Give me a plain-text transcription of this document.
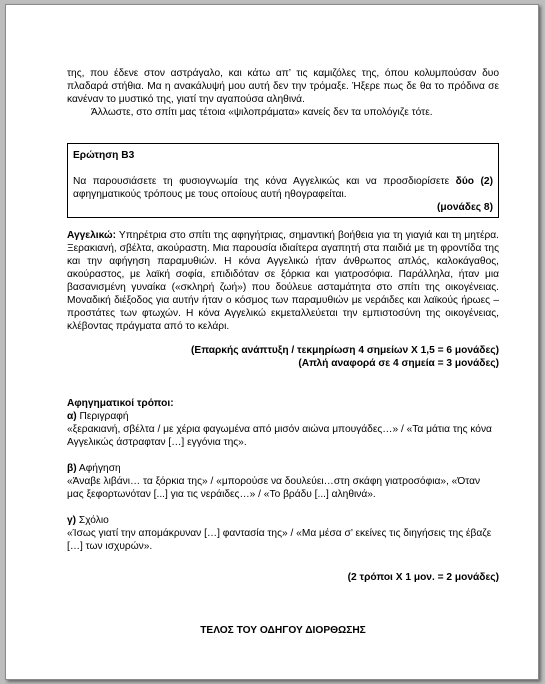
της, που έδενε στον αστράγαλο, και κάτω απ’ τις καμιζόλες της, όπου κολυμπούσαν δυο πλαδαρά στήθια. Μα η ανακάλυψή μου αυτή δεν την τρόμαξε. Ήξερε πως δε θα το πρόδινα σε κανέναν το μυστικό της, γιατί την αγαπούσα αληθινά.

Άλλωστε, στο σπίτι μας τέτοια «ψιλοπράματα» κανείς δεν τα υπολόγιζε τότε.

Ερώτηση Β3

Να παρουσιάσετε τη φυσιογνωμία της κόνα Αγγελικώς και να προσδιορίσετε δύο (2) αφηγηματικούς τρόπους με τους οποίους αυτή ηθογραφείται.

(μονάδες 8)

Αγγελικώ: Υπηρέτρια στο σπίτι της αφηγήτριας, σημαντική βοήθεια για τη γιαγιά και τη μητέρα. Ξερακιανή, σβέλτα, ακούραστη. Μια παρουσία ιδιαίτερα αγαπητή στα παιδιά με τη φροντίδα της και την αφήγηση παραμυθιών. Η κόνα Αγγελικώ ήταν άνθρωπος απλός, καλοκάγαθος, ακούραστος, με λαϊκή σοφία, επιδιδόταν σε ξόρκια και γιατροσόφια. Παράλληλα, ήταν μια βασανισμένη γυναίκα («σκληρή ζωή») που δούλευε ασταμάτητα στο σπίτι της οικογένειας. Μοναδική διέξοδος για αυτήν ήταν ο κόσμος των παραμυθιών με νεράιδες και λαϊκούς ήρωες – προστάτες των φτωχών. Η κόνα Αγγελικώ εκμεταλλεύεται την εμπιστοσύνη της οικογένειας, κλέβοντας πράγματα από το κελάρι.

(Επαρκής ανάπτυξη / τεκμηρίωση 4 σημείων Χ 1,5 = 6 μονάδες)

(Απλή αναφορά σε 4 σημεία = 3 μονάδες)

Αφηγηματικοί τρόποι:

α) Περιγραφή

«ξερακιανή, σβέλτα / με χέρια φαγωμένα από μισόν αιώνα μπουγάδες…» / «Τα μάτια της κόνα Αγγελικώς άστραφταν […] εγγόνια της».

β) Αφήγηση

«Άναβε λιβάνι… τα ξόρκια της» / «μπορούσε να δουλεύει…στη σκάφη γιατροσόφια», «Όταν μας ξεφορτωνόταν [...] για τις νεράιδες…» / «Το βράδυ [...] αληθινά».

γ) Σχόλιο

«Ίσως γιατί την απομάκρυναν […] φαντασία της» / «Μα μέσα σ’ εκείνες τις διηγήσεις της έβαζε […] των ισχυρών».

(2 τρόποι Χ 1 μον. = 2 μονάδες)

ΤΕΛΟΣ ΤΟΥ ΟΔΗΓΟΥ ΔΙΟΡΘΩΣΗΣ
